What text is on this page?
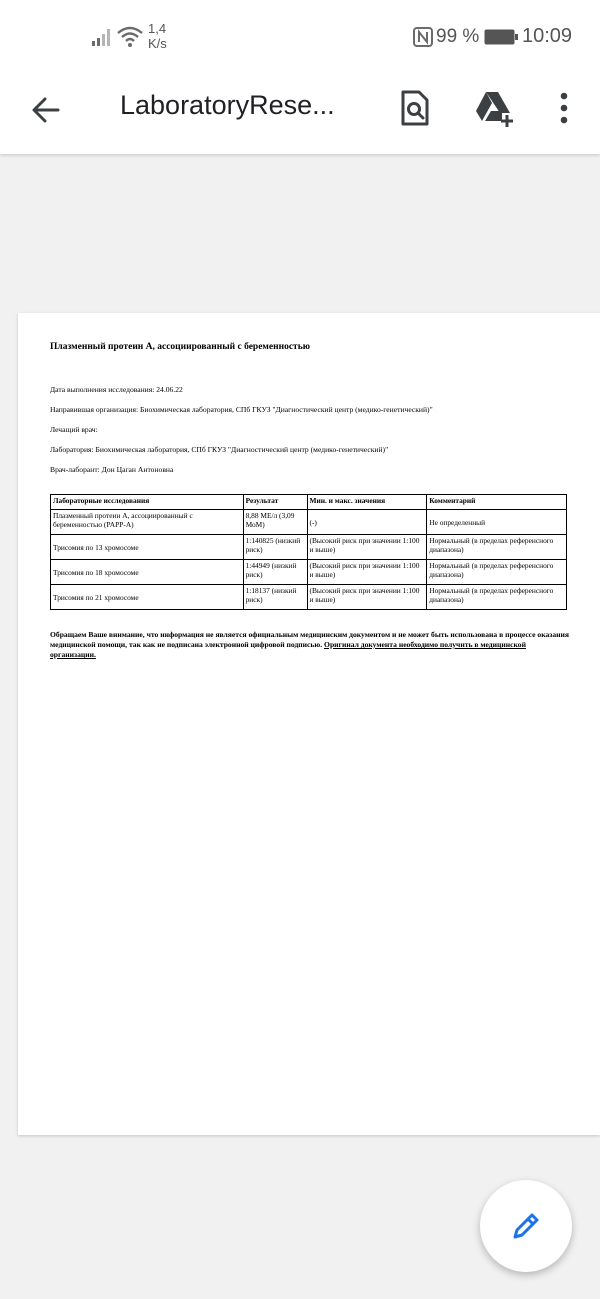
1,4
K/s	99 % 10:09
LaboratoryRese...
Плазменный протеин А, ассоциированный с беременностью
Дата выполнения исследования: 24.06.22
Направившая организация: Биохимическая лаборатория, СПб ГКУЗ "Диагностический центр (медико-генетический)"
Лечащий врач:
Лаборатория: Биохимическая лаборатория, СПб ГКУЗ "Диагностический центр (медико-генетический)"
Врач-лаборант: Дон Цаган Антоновна
Лабораторные исследования	Результат	Мин. и макс. значения	Комментарий
Плазменный протеин А, ассоциированный с беременностью (PAPP-A)	8,88 МЕ/л (3,09 МоМ)	(-)	Не определенный
Трисомия по 13 хромосоме	1:140825 (низкий риск)	(Высокий риск при значении 1:100 и выше)	Нормальный (в пределах референсного диапазона)
Трисомия по 18 хромосоме	1:44949 (низкий риск)	(Высокий риск при значении 1:100 и выше)	Нормальный (в пределах референсного диапазона)
Трисомия по 21 хромосоме	1:18137 (низкий риск)	(Высокий риск при значении 1:100 и выше)	Нормальный (в пределах референсного диапазона)
Обращаем Ваше внимание, что информация не является официальным медицинским документом и не может быть использована в процессе оказания медицинской помощи, так как не подписана электронной цифровой подписью. Оригинал документа необходимо получить в медицинской организации.
